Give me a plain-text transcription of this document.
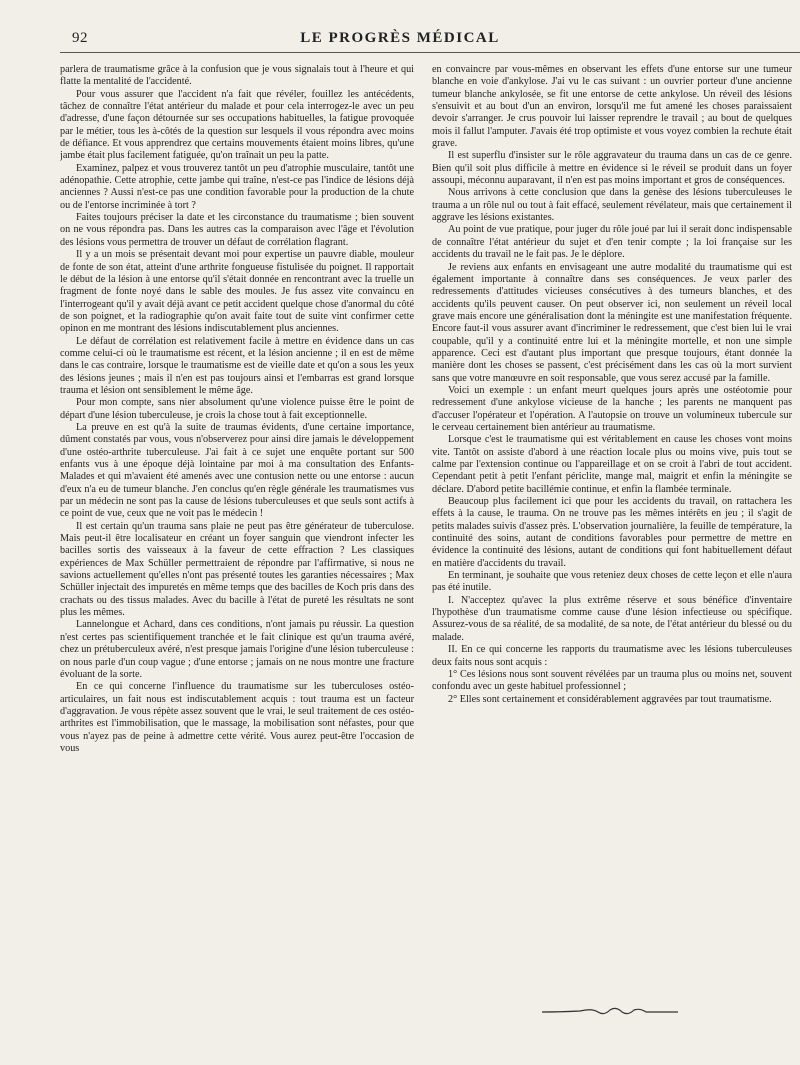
92	LE PROGRÈS MÉDICAL

parlera de traumatisme grâce à la confusion que je vous signalais tout à l'heure et qui flatte la mentalité de l'accidenté.

Pour vous assurer que l'accident n'a fait que révéler, fouillez les antécédents, tâchez de connaître l'état antérieur du malade et pour cela interrogez-le avec un peu d'adresse, d'une façon détournée sur ses occupations habituelles, la fatigue provoquée par le métier, tous les à-côtés de la question sur lesquels il vous répondra avec moins de défiance. Et vous apprendrez que certains mouvements étaient moins libres, qu'une jambe était plus facilement fatiguée, qu'on traînait un peu la patte.

Examinez, palpez et vous trouverez tantôt un peu d'atrophie musculaire, tantôt une adénopathie. Cette atrophie, cette jambe qui traîne, n'est-ce pas l'indice de lésions déjà anciennes ? Aussi n'est-ce pas une condition favorable pour la production de la chute ou de l'entorse incriminée à tort ?

Faites toujours préciser la date et les circonstance du traumatisme ; bien souvent on ne vous répondra pas. Dans les autres cas la comparaison avec l'âge et l'évolution des lésions vous permettra de trouver un défaut de corrélation flagrant.

Il y a un mois se présentait devant moi pour expertise un pauvre diable, mouleur de fonte de son état, atteint d'une arthrite fongueuse fistulisée du poignet. Il rapportait le début de la lésion à une entorse qu'il s'était donnée en rencontrant avec la truelle un fragment de fonte noyé dans le sable des moules. Je fus assez vite convaincu en l'interrogeant qu'il y avait déjà avant ce petit accident quelque chose d'anormal du côté de son poignet, et la radiographie qu'on avait faite tout de suite vint confirmer cette opinon en me montrant des lésions indiscutablement plus anciennes.

Le défaut de corrélation est relativement facile à mettre en évidence dans un cas comme celui-ci où le traumatisme est récent, et la lésion ancienne ; il en est de même dans le cas contraire, lorsque le traumatisme est de vieille date et qu'on a sous les yeux des lésions jeunes ; mais il n'en est pas toujours ainsi et l'embarras est grand lorsque trauma et lésion ont sensiblement le même âge.

Pour mon compte, sans nier absolument qu'une violence puisse être le point de départ d'une lésion tuberculeuse, je crois la chose tout à fait exceptionnelle.

La preuve en est qu'à la suite de traumas évidents, d'une certaine importance, dûment constatés par vous, vous n'observerez pour ainsi dire jamais le développement d'une ostéo-arthrite tuberculeuse. J'ai fait à ce sujet une enquête portant sur 500 enfants vus à une époque déjà lointaine par moi à ma consultation des Enfants-Malades et qui m'avaient été amenés avec une contusion nette ou une entorse : aucun d'eux n'a eu de tumeur blanche. J'en conclus qu'en règle générale les traumatismes vus par un médecin ne sont pas la cause de lésions tuberculeuses et que seuls sont actifs à ce point de vue, ceux que ne voit pas le médecin !

Il est certain qu'un trauma sans plaie ne peut pas être générateur de tuberculose. Mais peut-il être localisateur en créant un foyer sanguin que viendront infecter les bacilles sortis des vaisseaux à la faveur de cette effraction ? Les classiques expériences de Max Schüller permettraient de répondre par l'affirmative, si nous ne savions actuellement qu'elles n'ont pas présenté toutes les garanties nécessaires ; Max Schüller injectait des impuretés en même temps que des bacilles de Koch pris dans des crachats ou des tissus malades. Avec du bacille à l'état de pureté les résultats ne sont plus les mêmes.

Lannelongue et Achard, dans ces conditions, n'ont jamais pu réussir. La question n'est certes pas scientifiquement tranchée et le fait clinique est qu'un trauma avéré, chez un prétuberculeux avéré, n'est presque jamais l'origine d'une lésion tuberculeuse : on nous parle d'un coup vague ; d'une entorse ; jamais on ne nous montre une fracture évoluant de la sorte.

En ce qui concerne l'influence du traumatisme sur les tuberculoses ostéo-articulaires, un fait nous est indiscutablement acquis : tout trauma est un facteur d'aggravation. Je vous répète assez souvent que le vrai, le seul traitement de ces ostéo-arthrites est l'immobilisation, que le massage, la mobilisation sont néfastes, pour que vous n'ayez pas de peine à admettre cette vérité. Vous aurez peut-être l'occasion de vous

en convaincre par vous-mêmes en observant les effets d'une entorse sur une tumeur blanche en voie d'ankylose. J'ai vu le cas suivant : un ouvrier porteur d'une ancienne tumeur blanche ankylosée, se fit une entorse de cette ankylose. Un réveil des lésions s'ensuivit et au bout d'un an environ, lorsqu'il me fut amené les choses paraissaient devoir s'arranger. Je crus pouvoir lui laisser reprendre le travail ; au bout de quelques mois il fallut l'amputer. J'avais été trop optimiste et vous voyez combien la rechute était grave.

Il est superflu d'insister sur le rôle aggravateur du trauma dans un cas de ce genre. Bien qu'il soit plus difficile à mettre en évidence si le réveil se produit dans un foyer assoupi, méconnu auparavant, il n'en est pas moins important et gros de conséquences.

Nous arrivons à cette conclusion que dans la genèse des lésions tuberculeuses le trauma a un rôle nul ou tout à fait effacé, seulement révélateur, mais que certainement il aggrave les lésions existantes.

Au point de vue pratique, pour juger du rôle joué par lui il serait donc indispensable de connaître l'état antérieur du sujet et d'en tenir compte ; la loi française sur les accidents du travail ne le fait pas. Je le déplore.

Je reviens aux enfants en envisageant une autre modalité du traumatisme qui est également importante à connaître dans ses conséquences. Je veux parler des redressements d'attitudes vicieuses consécutives à des tumeurs blanches, et des accidents qu'ils peuvent causer. On peut observer ici, non seulement un réveil local grave mais encore une généralisation dont la méningite est une manifestation fréquente. Encore faut-il vous assurer avant d'incriminer le redressement, que c'est bien lui le vrai coupable, qu'il y a continuité entre lui et la méningite mortelle, et non une simple apparence. Ceci est d'autant plus important que presque toujours, étant donnée la manière dont les choses se passent, c'est précisément dans les cas où la mort survient sans que votre manœuvre en soit responsable, que vous serez accusé par la famille.

Voici un exemple : un enfant meurt quelques jours après une ostéotomie pour redressement d'une ankylose vicieuse de la hanche ; les parents ne manquent pas d'accuser l'opérateur et l'opération. A l'autopsie on trouve un volumineux tubercule sur le cerveau certainement bien antérieur au traumatisme.

Lorsque c'est le traumatisme qui est véritablement en cause les choses vont moins vite. Tantôt on assiste d'abord à une réaction locale plus ou moins vive, puis tout se calme par l'extension continue ou l'appareillage et on se croit à l'abri de tout accident. Cependant petit à petit l'enfant périclite, mange mal, maigrit et enfin la méningite se déclare. D'abord petite bacillémie continue, et enfin la flambée terminale.

Beaucoup plus facilement ici que pour les accidents du travail, on rattachera les effets à la cause, le trauma. On ne trouve pas les mêmes intérêts en jeu ; il s'agit de petits malades suivis d'assez près. L'observation journalière, la feuille de température, la continuité des soins, autant de conditions favorables pour permettre de mettre en évidence la continuité des lésions, autant de conditions qui font habituellement défaut en matière d'accidents du travail.

En terminant, je souhaite que vous reteniez deux choses de cette leçon et elle n'aura pas été inutile.

I. N'acceptez qu'avec la plus extrême réserve et sous bénéfice d'inventaire l'hypothèse d'un traumatisme comme cause d'une lésion infectieuse ou spécifique. Assurez-vous de sa réalité, de sa modalité, de sa note, de l'état antérieur du blessé ou du malade.

II. En ce qui concerne les rapports du traumatisme avec les lésions tuberculeuses deux faits nous sont acquis :

1° Ces lésions nous sont souvent révélées par un trauma plus ou moins net, souvent confondu avec un geste habituel professionnel ;

2° Elles sont certainement et considérablement aggravées par tout traumatisme.
